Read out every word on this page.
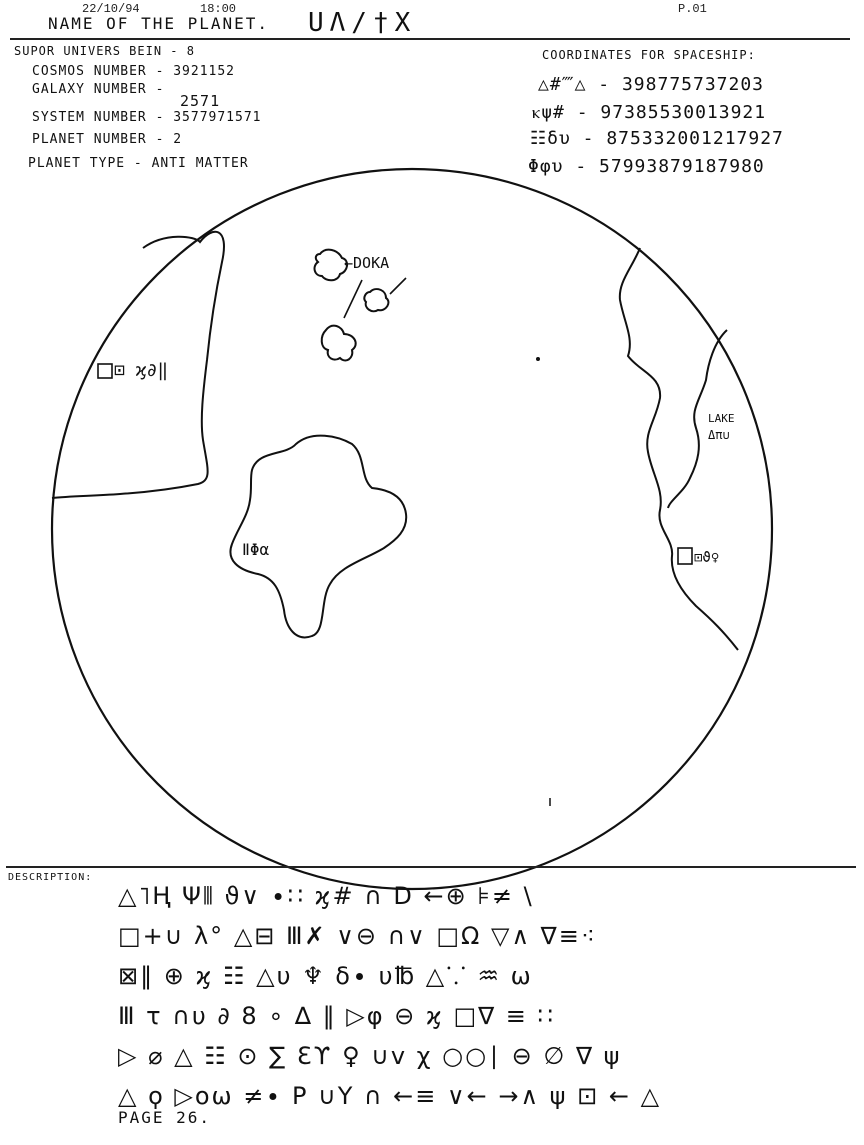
22/10/94	18:00	P.01
NAME OF THE PLANET. UΛ/†X
SUPOR UNIVERS BEIN - 8
COSMOS NUMBER - 3921152
GALAXY NUMBER -
2571
SYSTEM NUMBER - 3577971571
PLANET NUMBER - 2
PLANET TYPE - ANTI MATTER
COORDINATES FOR SPACESHIP:
△#⁗△ - 398775737203
ⲕψ# - 97385530013921
☷δυ - 875332001217927
Φφυ - 57993879187980
←DOKA
⊡ ϗ∂‖
ⅡΦα
LAKE
Δπ∪
⊡ϑ♀
DESCRIPTION:
△˥Ⱨ Ψ⫴ ϑ∨ ∙∷ ϗ# ∩ D ←⊕ ⊧≠ \
□+∪ λ° △⊟ Ⅲ✗ ∨⊖ ∩∨ □Ω ▽∧ ∇≡⁖
⊠‖ ⊕ ϗ ☷ △υ ♆ δ∙ υ℔ △⸪ ♒ ω
Ⅲ τ ∩υ ∂ 8 ∘ ∆ ‖ ▷φ ⊖ ϗ □∇ ≡ ∷
▷ ⌀ △ ☷ ⊙ ∑ Ɛϒ ♀ ∪ⅴ χ ○○∣ ⊖ ∅ ∇ ψ
△ ϙ ▷οω ≠∙ Ρ ∪Υ ∩ ←≡ ∨← →∧ ψ ⊡ ← △
PAGE 26.
